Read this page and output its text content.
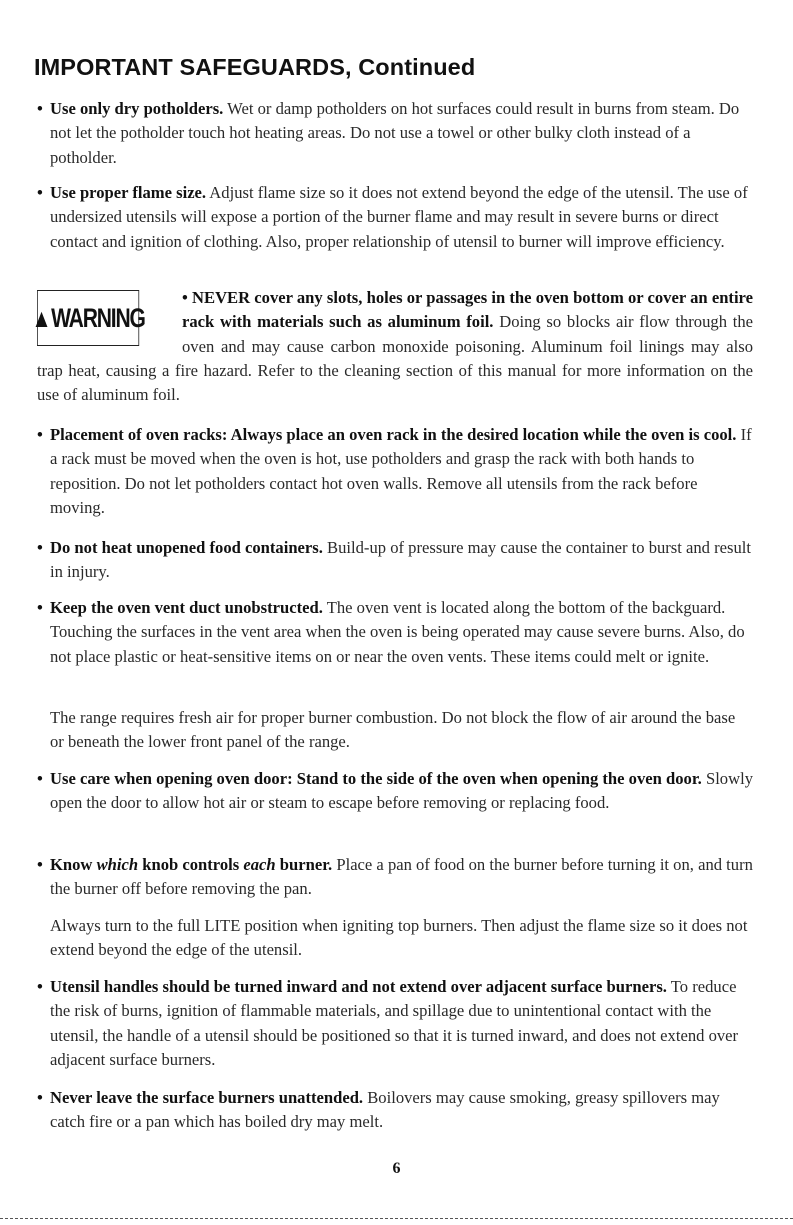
IMPORTANT SAFEGUARDS, Continued
• Use only dry potholders. Wet or damp potholders on hot surfaces could result in burns from steam. Do not let the potholder touch hot heating areas. Do not use a towel or other bulky cloth instead of a potholder.
• Use proper flame size. Adjust flame size so it does not extend beyond the edge of the utensil. The use of undersized utensils will expose a portion of the burner flame and may result in severe burns or direct contact and ignition of clothing. Also, proper relationship of utensil to burner will improve efficiency.
▲ WARNING
• NEVER cover any slots, holes or passages in the oven bottom or cover an entire rack with materials such as aluminum foil. Doing so blocks air flow through the oven and may cause carbon monoxide poisoning. Aluminum foil linings may also trap heat, causing a fire hazard. Refer to the cleaning section of this manual for more information on the use of aluminum foil.
• Placement of oven racks: Always place an oven rack in the desired location while the oven is cool. If a rack must be moved when the oven is hot, use potholders and grasp the rack with both hands to reposition. Do not let potholders contact hot oven walls. Remove all utensils from the rack before moving.
• Do not heat unopened food containers. Build-up of pressure may cause the container to burst and result in injury.
• Keep the oven vent duct unobstructed. The oven vent is located along the bottom of the backguard. Touching the surfaces in the vent area when the oven is being operated may cause severe burns. Also, do not place plastic or heat-sensitive items on or near the oven vents. These items could melt or ignite.
The range requires fresh air for proper burner combustion. Do not block the flow of air around the base or beneath the lower front panel of the range.
• Use care when opening oven door: Stand to the side of the oven when opening the oven door. Slowly open the door to allow hot air or steam to escape before removing or replacing food.
• Know which knob controls each burner. Place a pan of food on the burner before turning it on, and turn the burner off before removing the pan.
Always turn to the full LITE position when igniting top burners. Then adjust the flame size so it does not extend beyond the edge of the utensil.
• Utensil handles should be turned inward and not extend over adjacent surface burners. To reduce the risk of burns, ignition of flammable materials, and spillage due to unintentional contact with the utensil, the handle of a utensil should be positioned so that it is turned inward, and does not extend over adjacent surface burners.
• Never leave the surface burners unattended. Boilovers may cause smoking, greasy spillovers may catch fire or a pan which has boiled dry may melt.
6
